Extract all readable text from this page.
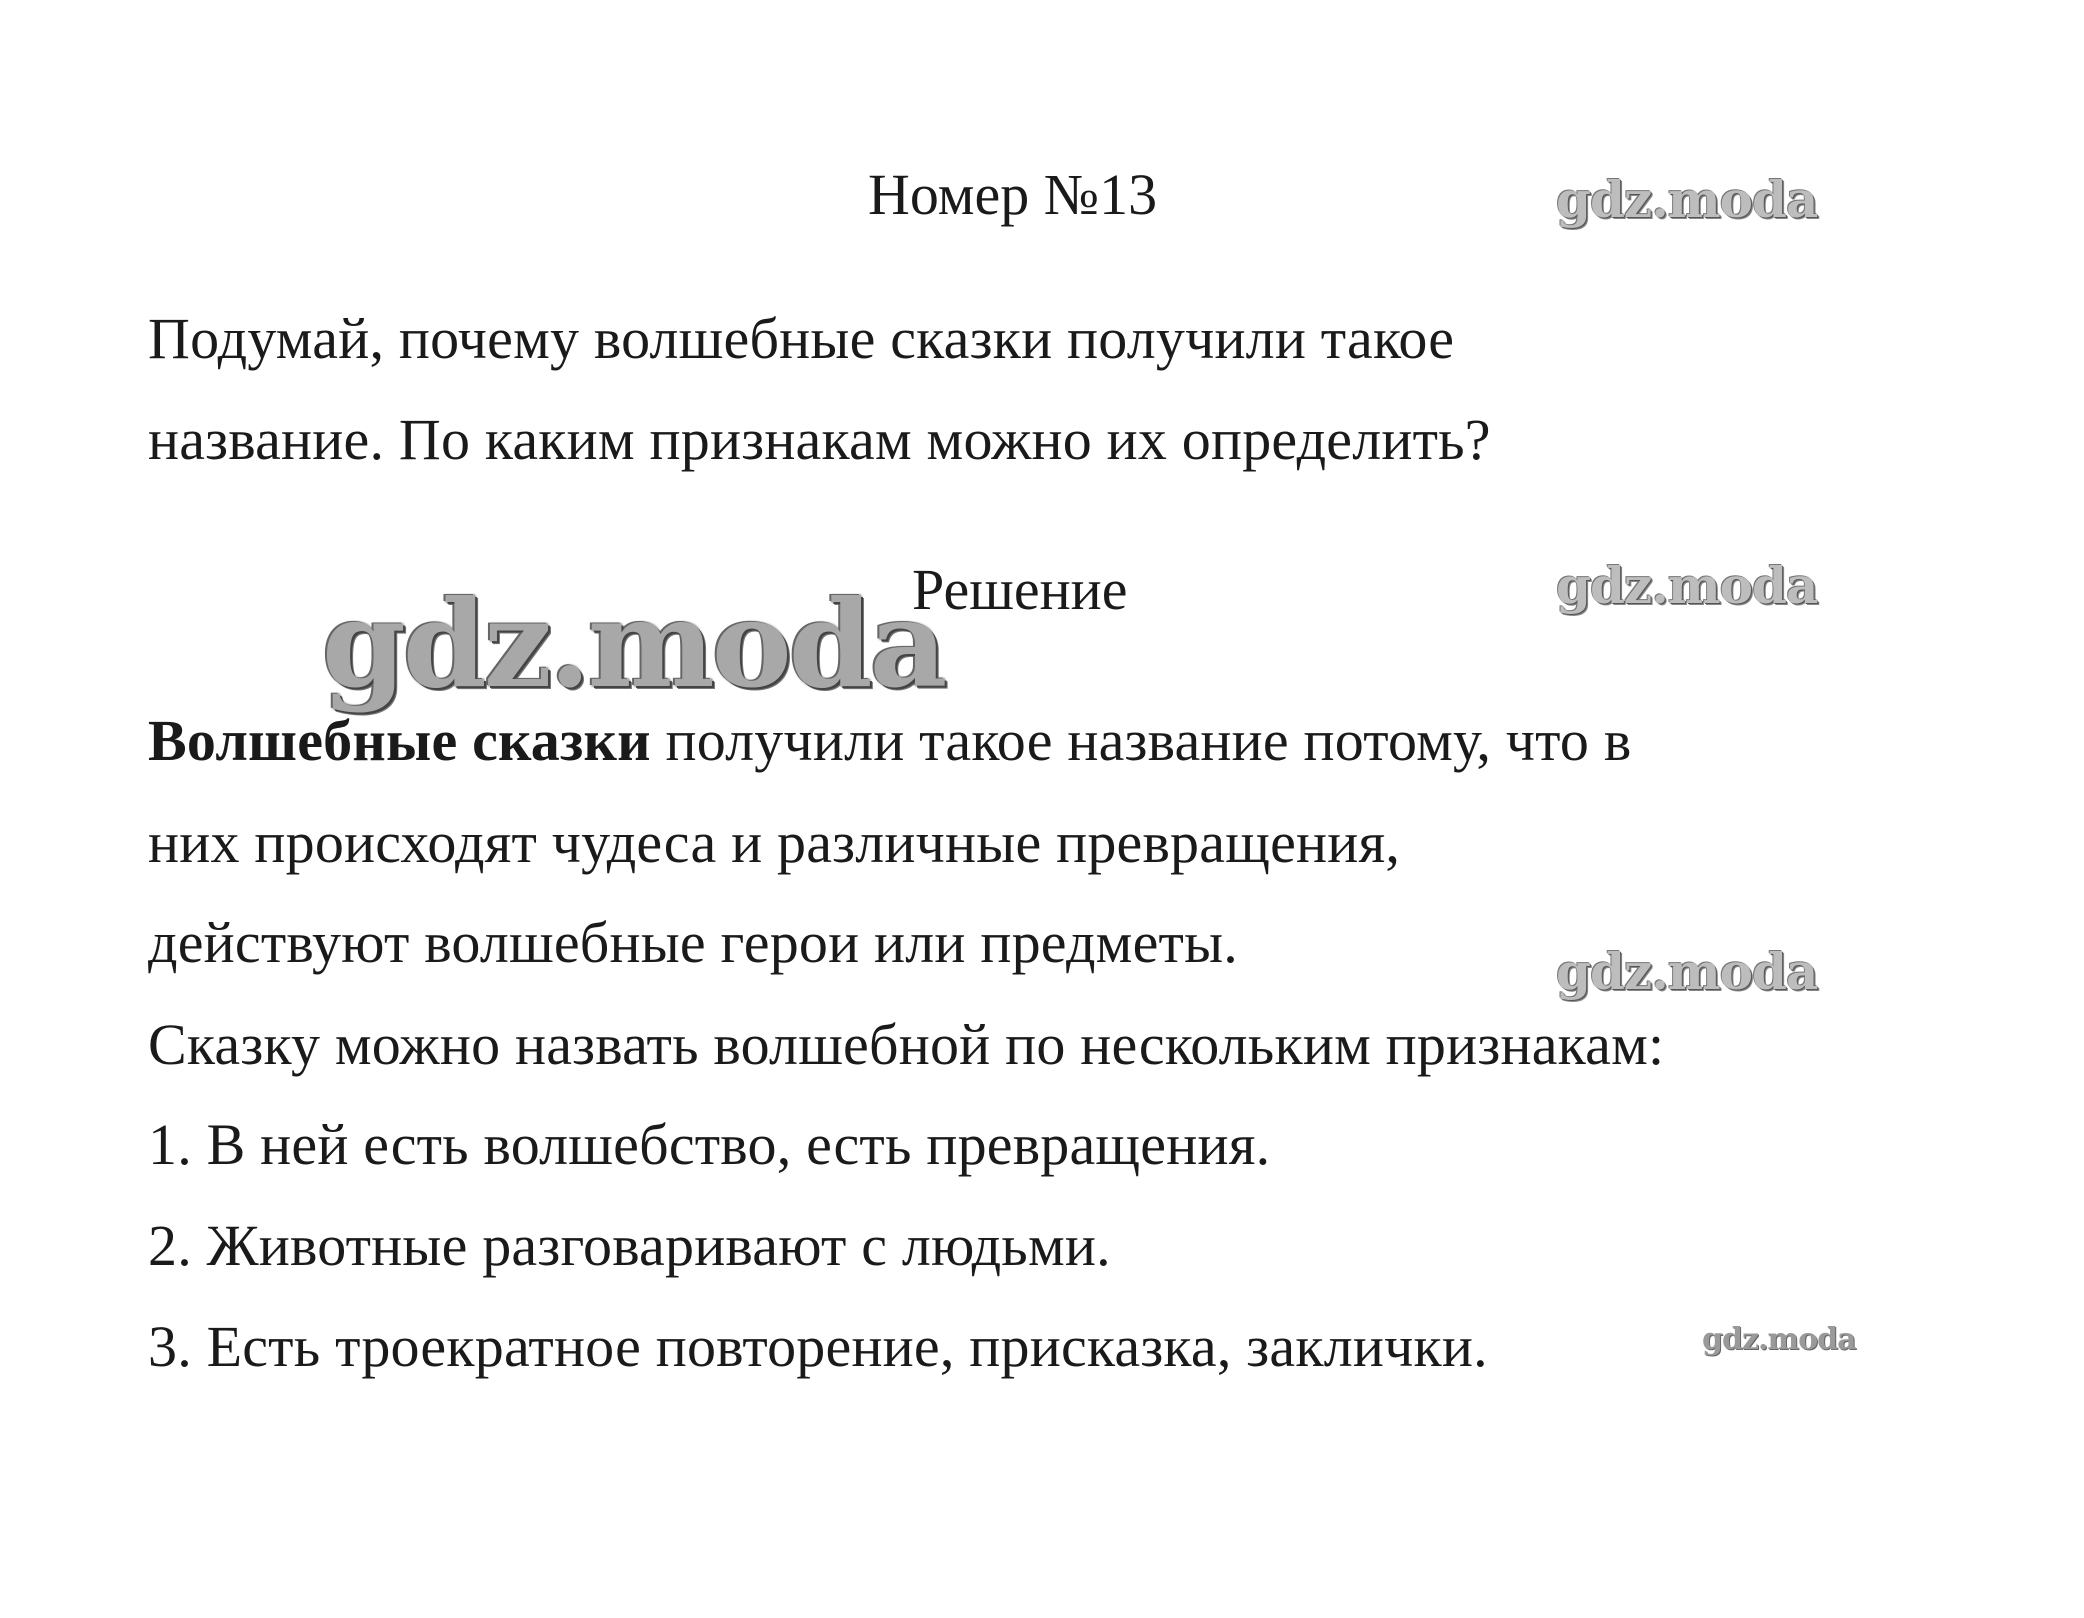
Номер №13
Подумай, почему волшебные сказки получили такое
название. По каким признакам можно их определить?
Решение
Волшебные сказки получили такое название потому, что в
них происходят чудеса и различные превращения,
действуют волшебные герои или предметы.
Сказку можно назвать волшебной по нескольким признакам:
1. В ней есть волшебство, есть превращения.
2. Животные разговаривают с людьми.
3. Есть троекратное повторение, присказка, заклички.
gdz.moda
gdz.moda
gdz.moda
gdz.moda
gdz.moda
